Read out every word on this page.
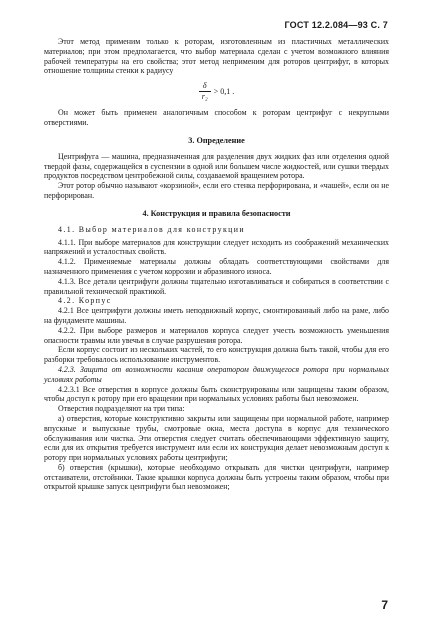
ГОСТ 12.2.084—93 С. 7

Этот метод применим только к роторам, изготовленным из пластичных металлических материалов; при этом предполагается, что выбор материала сделан с учетом возможного влияния рабочей температуры на его свойства; этот метод неприменим для роторов центрифуг, в которых отношение толщины стенки к радиусу

$\frac{\delta}{\text{r₂}} > 0,1$ .

Он может быть применен аналогичным способом к роторам центрифуг с некруглыми отверстиями.

3. Определение

Центрифуга — машина, предназначенная для разделения двух жидких фаз или отделения одной твердой фазы, содержащейся в суспензии в одной или большем числе жидкостей, или сушки твердых продуктов посредством центробежной силы, создаваемой вращением ротора.

Этот ротор обычно называют «корзиной», если его стенка перфорирована, и «чашей», если он не перфорирован.

4. Конструкция и правила безопасности

4.1. Выбор материалов для конструкции

4.1.1. При выборе материалов для конструкции следует исходить из соображений механических напряжений и усталостных свойств.

4.1.2. Применяемые материалы должны обладать соответствующими свойствами для назначенного применения с учетом коррозии и абразивного износа.

4.1.3. Все детали центрифуги должны тщательно изготавливаться и собираться в соответствии с правильной технической практикой.

4.2. Корпус

4.2.1 Все центрифуги должны иметь неподвижный корпус, смонтированный либо на раме, либо на фундаменте машины.

4.2.2. При выборе размеров и материалов корпуса следует учесть возможность уменьшения опасности травмы или увечья в случае разрушения ротора.

Если корпус состоит из нескольких частей, то его конструкция должна быть такой, чтобы для его разборки требовалось использование инструментов.

4.2.3. Защита от возможности касания оператором движущегося ротора при нормальных условиях работы

4.2.3.1 Все отверстия в корпусе должны быть сконструированы или защищены таким образом, чтобы доступ к ротору при его вращении при нормальных условиях работы был невозможен.

Отверстия подразделяют на три типа:

а) отверстия, которые конструктивно закрыты или защищены при нормальной работе, например впускные и выпускные трубы, смотровые окна, места доступа в корпус для технического обслуживания или чистка. Эти отверстия следует считать обеспечивающими эффективную защиту, если для их открытия требуется инструмент или если их конструкция делает невозможным доступ к ротору при нормальных условиях работы центрифуги;

б) отверстия (крышки), которые необходимо открывать для чистки центрифуги, например отстаиватели, отстойники. Такие крышки корпуса должны быть устроены таким образом, чтобы при открытой крышке запуск центрифуги был невозможен;

7
